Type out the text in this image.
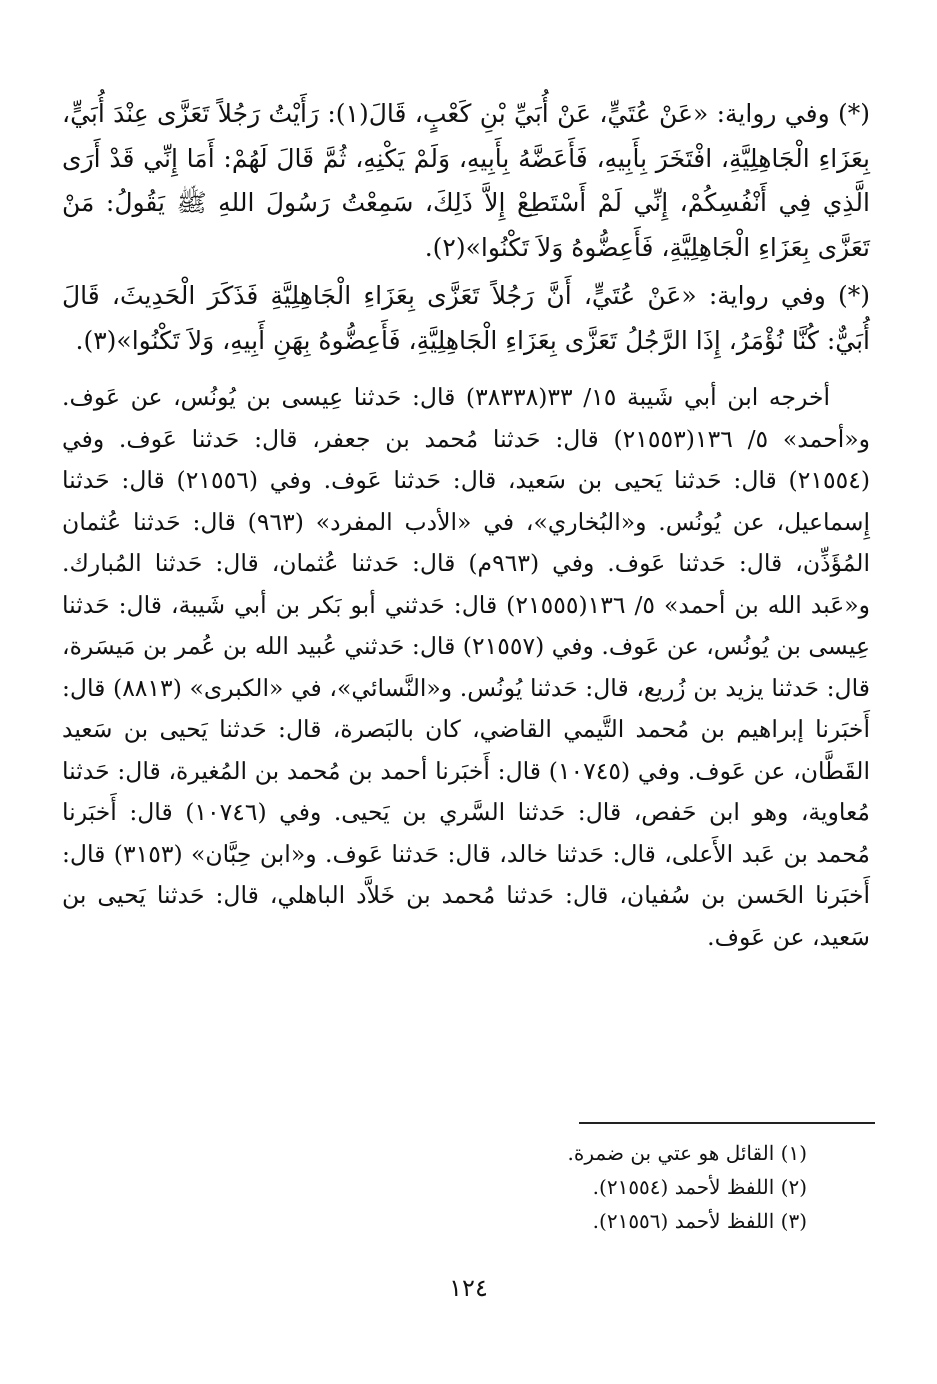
(*) وفي رواية: «عَنْ عُتَيٍّ، عَنْ أُبَيِّ بْنِ كَعْبٍ، قَالَ(١): رَأَيْتُ رَجُلاً تَعَزَّى عِنْدَ أُبَيٍّ، بِعَزَاءِ الْجَاهِلِيَّةِ، افْتَخَرَ بِأَبِيهِ، فَأَعَضَّهُ بِأَبِيهِ، وَلَمْ يَكْنِهِ، ثُمَّ قَالَ لَهُمْ: أَمَا إِنِّي قَدْ أَرَى الَّذِي فِي أَنْفُسِكُمْ، إِنِّي لَمْ أَسْتَطِعْ إِلاَّ ذَلِكَ، سَمِعْتُ رَسُولَ اللهِ ﷺ يَقُولُ: مَنْ تَعَزَّى بِعَزَاءِ الْجَاهِلِيَّةِ، فَأَعِضُّوهُ وَلاَ تَكْنُوا»(٢).

(*) وفي رواية: «عَنْ عُتَيٍّ، أَنَّ رَجُلاً تَعَزَّى بِعَزَاءِ الْجَاهِلِيَّةِ فَذَكَرَ الْحَدِيثَ، قَالَ أُبَيٌّ: كُنَّا نُؤْمَرُ، إِذَا الرَّجُلُ تَعَزَّى بِعَزَاءِ الْجَاهِلِيَّةِ، فَأَعِضُّوهُ بِهَنِ أَبِيهِ، وَلاَ تَكْنُوا»(٣).

أخرجه ابن أبي شَيبة ١٥/ ٣٣(٣٨٣٣٨) قال: حَدثنا عِيسى بن يُونُس، عن عَوف. و«أحمد» ٥/ ١٣٦(٢١٥٥٣) قال: حَدثنا مُحمد بن جعفر، قال: حَدثنا عَوف. وفي (٢١٥٥٤) قال: حَدثنا يَحيى بن سَعيد، قال: حَدثنا عَوف. وفي (٢١٥٥٦) قال: حَدثنا إِسماعيل، عن يُونُس. و«البُخاري»، في «الأدب المفرد» (٩٦٣) قال: حَدثنا عُثمان المُؤَذِّن، قال: حَدثنا عَوف. وفي (٩٦٣م) قال: حَدثنا عُثمان، قال: حَدثنا المُبارك. و«عَبد الله بن أحمد» ٥/ ١٣٦(٢١٥٥٥) قال: حَدثني أبو بَكر بن أبي شَيبة، قال: حَدثنا عِيسى بن يُونُس، عن عَوف. وفي (٢١٥٥٧) قال: حَدثني عُبيد الله بن عُمر بن مَيسَرة، قال: حَدثنا يزيد بن زُريع، قال: حَدثنا يُونُس. و«النَّسائي»، في «الكبرى» (٨٨١٣) قال: أَخبَرنا إبراهيم بن مُحمد التَّيمي القاضي، كان بالبَصرة، قال: حَدثنا يَحيى بن سَعيد القَطَّان، عن عَوف. وفي (١٠٧٤٥) قال: أَخبَرنا أحمد بن مُحمد بن المُغيرة، قال: حَدثنا مُعاوية، وهو ابن حَفص، قال: حَدثنا السَّري بن يَحيى. وفي (١٠٧٤٦) قال: أَخبَرنا مُحمد بن عَبد الأَعلى، قال: حَدثنا خالد، قال: حَدثنا عَوف. و«ابن حِبَّان» (٣١٥٣) قال: أَخبَرنا الحَسن بن سُفيان، قال: حَدثنا مُحمد بن خَلاَّد الباهلي، قال: حَدثنا يَحيى بن سَعيد، عن عَوف.

(١) القائل هو عتي بن ضمرة.

(٢) اللفظ لأحمد (٢١٥٥٤).

(٣) اللفظ لأحمد (٢١٥٥٦).

١٢٤
